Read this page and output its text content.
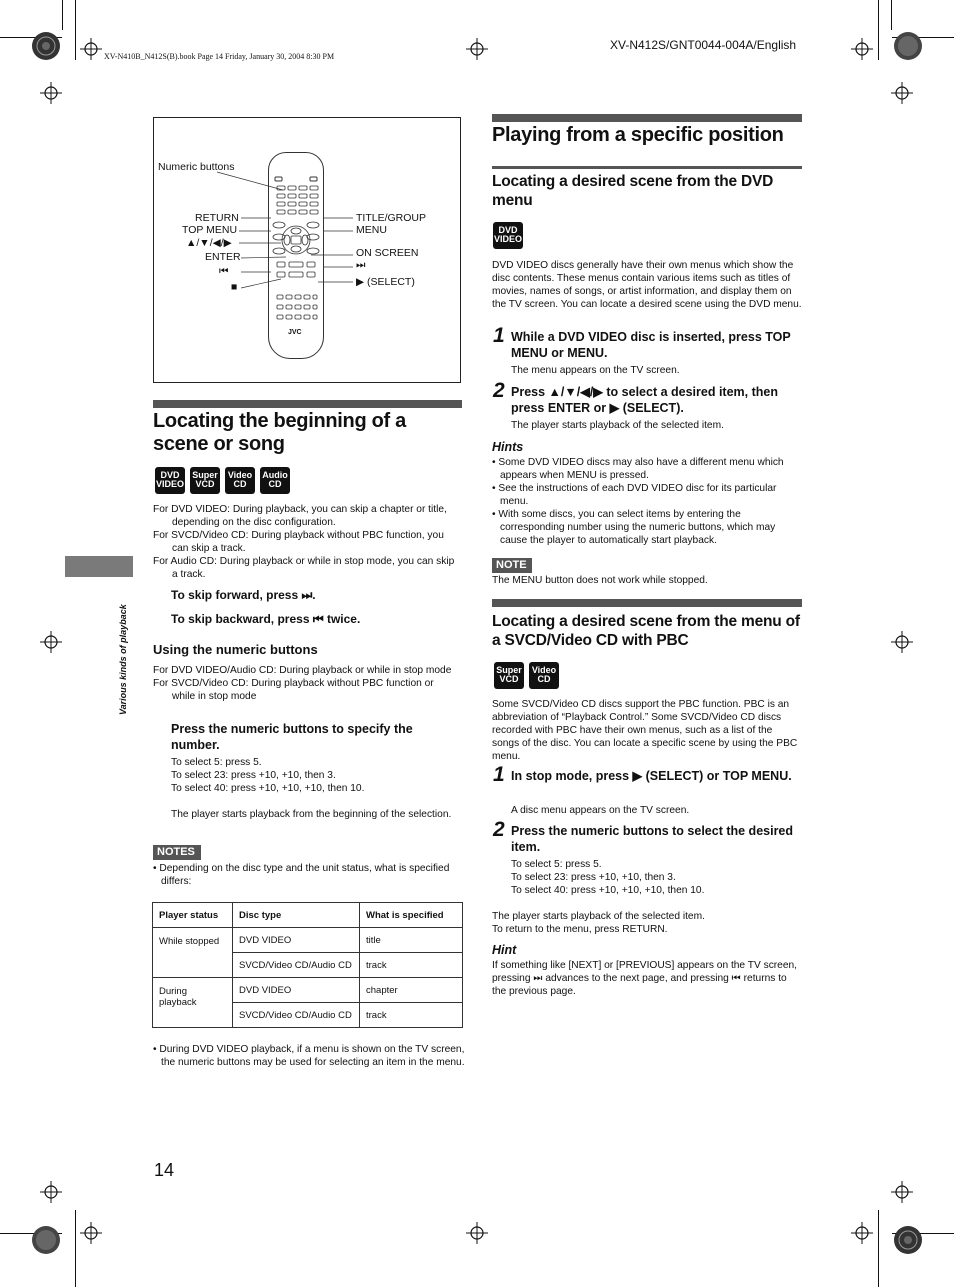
XV-N412S/GNT0044-004A/English
XV-N410B_N412S(B).book Page 14 Friday, January 30, 2004 8:30 PM
Various kinds of playback
JVC
Numeric buttons
RETURN
TOP MENU
▲/▼/◀/▶
ENTER
⏮
■
TITLE/GROUP
MENU
ON SCREEN
⏭
▶ (SELECT)
Locating the beginning of a scene or song
DVD
VIDEO
Super
VCD
Video
CD
Audio
CD
For DVD VIDEO: During playback, you can skip a chapter or title, depending on the disc configuration.
For SVCD/Video CD: During playback without PBC function, you can skip a track.
For Audio CD: During playback or while in stop mode, you can skip a track.
To skip forward, press ⏭.
To skip backward, press ⏮ twice.
Using the numeric buttons
For DVD VIDEO/Audio CD: During playback or while in stop mode
For SVCD/Video CD: During playback without PBC function or while in stop mode
Press the numeric buttons to specify the number.
To select 5: press 5.
To select 23: press +10, +10, then 3.
To select 40: press +10, +10, +10, then 10.
The player starts playback from the beginning of the selection.
NOTES
• Depending on the disc type and the unit status, what is specified differs:
Player status	Disc type	What is specified
While stopped	DVD VIDEO	title
	SVCD/Video CD/Audio CD	track
During playback	DVD VIDEO	chapter
	SVCD/Video CD/Audio CD	track
• During DVD VIDEO playback, if a menu is shown on the TV screen, the numeric buttons may be used for selecting an item in the menu.
Playing from a specific position
Locating a desired scene from the DVD menu
DVD
VIDEO
DVD VIDEO discs generally have their own menus which show the disc contents. These menus contain various items such as titles of movies, names of songs, or artist information, and display them on the TV screen. You can locate a desired scene using the DVD menu.
1 While a DVD VIDEO disc is inserted, press TOP MENU or MENU.
The menu appears on the TV screen.
2 Press ▲/▼/◀/▶ to select a desired item, then press ENTER or ▶ (SELECT).
The player starts playback of the selected item.
Hints
• Some DVD VIDEO discs may also have a different menu which appears when MENU is pressed.
• See the instructions of each DVD VIDEO disc for its particular menu.
• With some discs, you can select items by entering the corresponding number using the numeric buttons, which may cause the player to automatically start playback.
NOTE
The MENU button does not work while stopped.
Locating a desired scene from the menu of a SVCD/Video CD with PBC
Super
VCD
Video
CD
Some SVCD/Video CD discs support the PBC function. PBC is an abbreviation of “Playback Control.” Some SVCD/Video CD discs recorded with PBC have their own menus, such as a list of the songs of the disc. You can locate a specific scene by using the PBC menu.
1 In stop mode, press ▶ (SELECT) or TOP MENU.
A disc menu appears on the TV screen.
2 Press the numeric buttons to select the desired item.
To select 5: press 5.
To select 23: press +10, +10, then 3.
To select 40: press +10, +10, +10, then 10.
The player starts playback of the selected item.
To return to the menu, press RETURN.
Hint
If something like [NEXT] or [PREVIOUS] appears on the TV screen, pressing ⏭ advances to the next page, and pressing ⏮ returns to the previous page.
14
